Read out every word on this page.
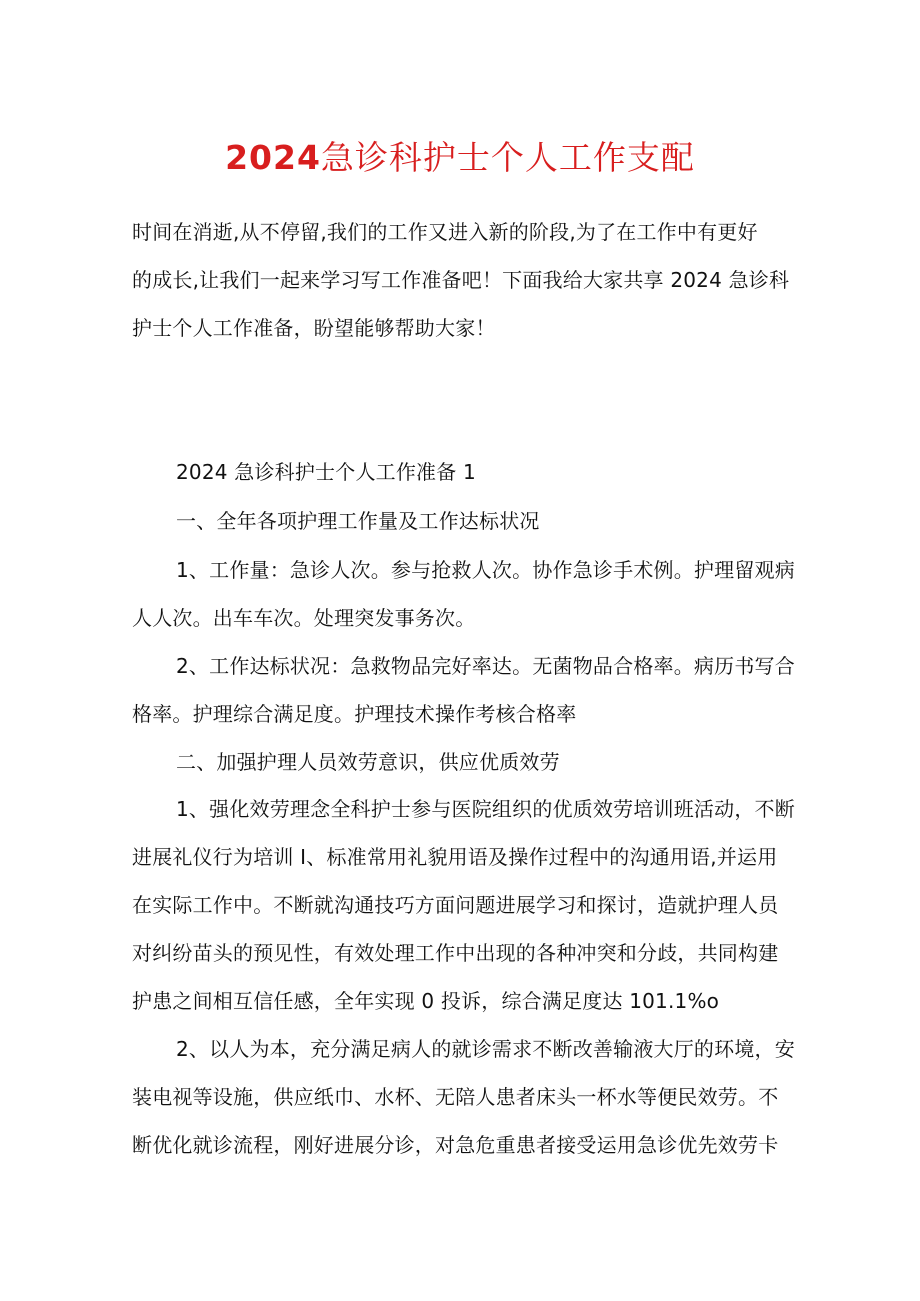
2024急诊科护士个人工作支配

时间在消逝,从不停留,我们的工作又进入新的阶段,为了在工作中有更好
的成长,让我们一起来学习写工作准备吧！下面我给大家共享 2024 急诊科
护士个人工作准备，盼望能够帮助大家！

2024 急诊科护士个人工作准备 1

一、全年各项护理工作量及工作达标状况

1、工作量：急诊人次。参与抢救人次。协作急诊手术例。护理留观病
人人次。出车车次。处理突发事务次。

2、工作达标状况：急救物品完好率达。无菌物品合格率。病历书写合
格率。护理综合满足度。护理技术操作考核合格率

二、加强护理人员效劳意识，供应优质效劳

1、强化效劳理念全科护士参与医院组织的优质效劳培训班活动，不断
进展礼仪行为培训 I、标准常用礼貌用语及操作过程中的沟通用语,并运用
在实际工作中。不断就沟通技巧方面问题进展学习和探讨，造就护理人员
对纠纷苗头的预见性，有效处理工作中出现的各种冲突和分歧，共同构建
护患之间相互信任感，全年实现 0 投诉，综合满足度达 101.1%o

2、以人为本，充分满足病人的就诊需求不断改善输液大厅的环境，安
装电视等设施，供应纸巾、水杯、无陪人患者床头一杯水等便民效劳。不
断优化就诊流程，刚好进展分诊，对急危重患者接受运用急诊优先效劳卡
